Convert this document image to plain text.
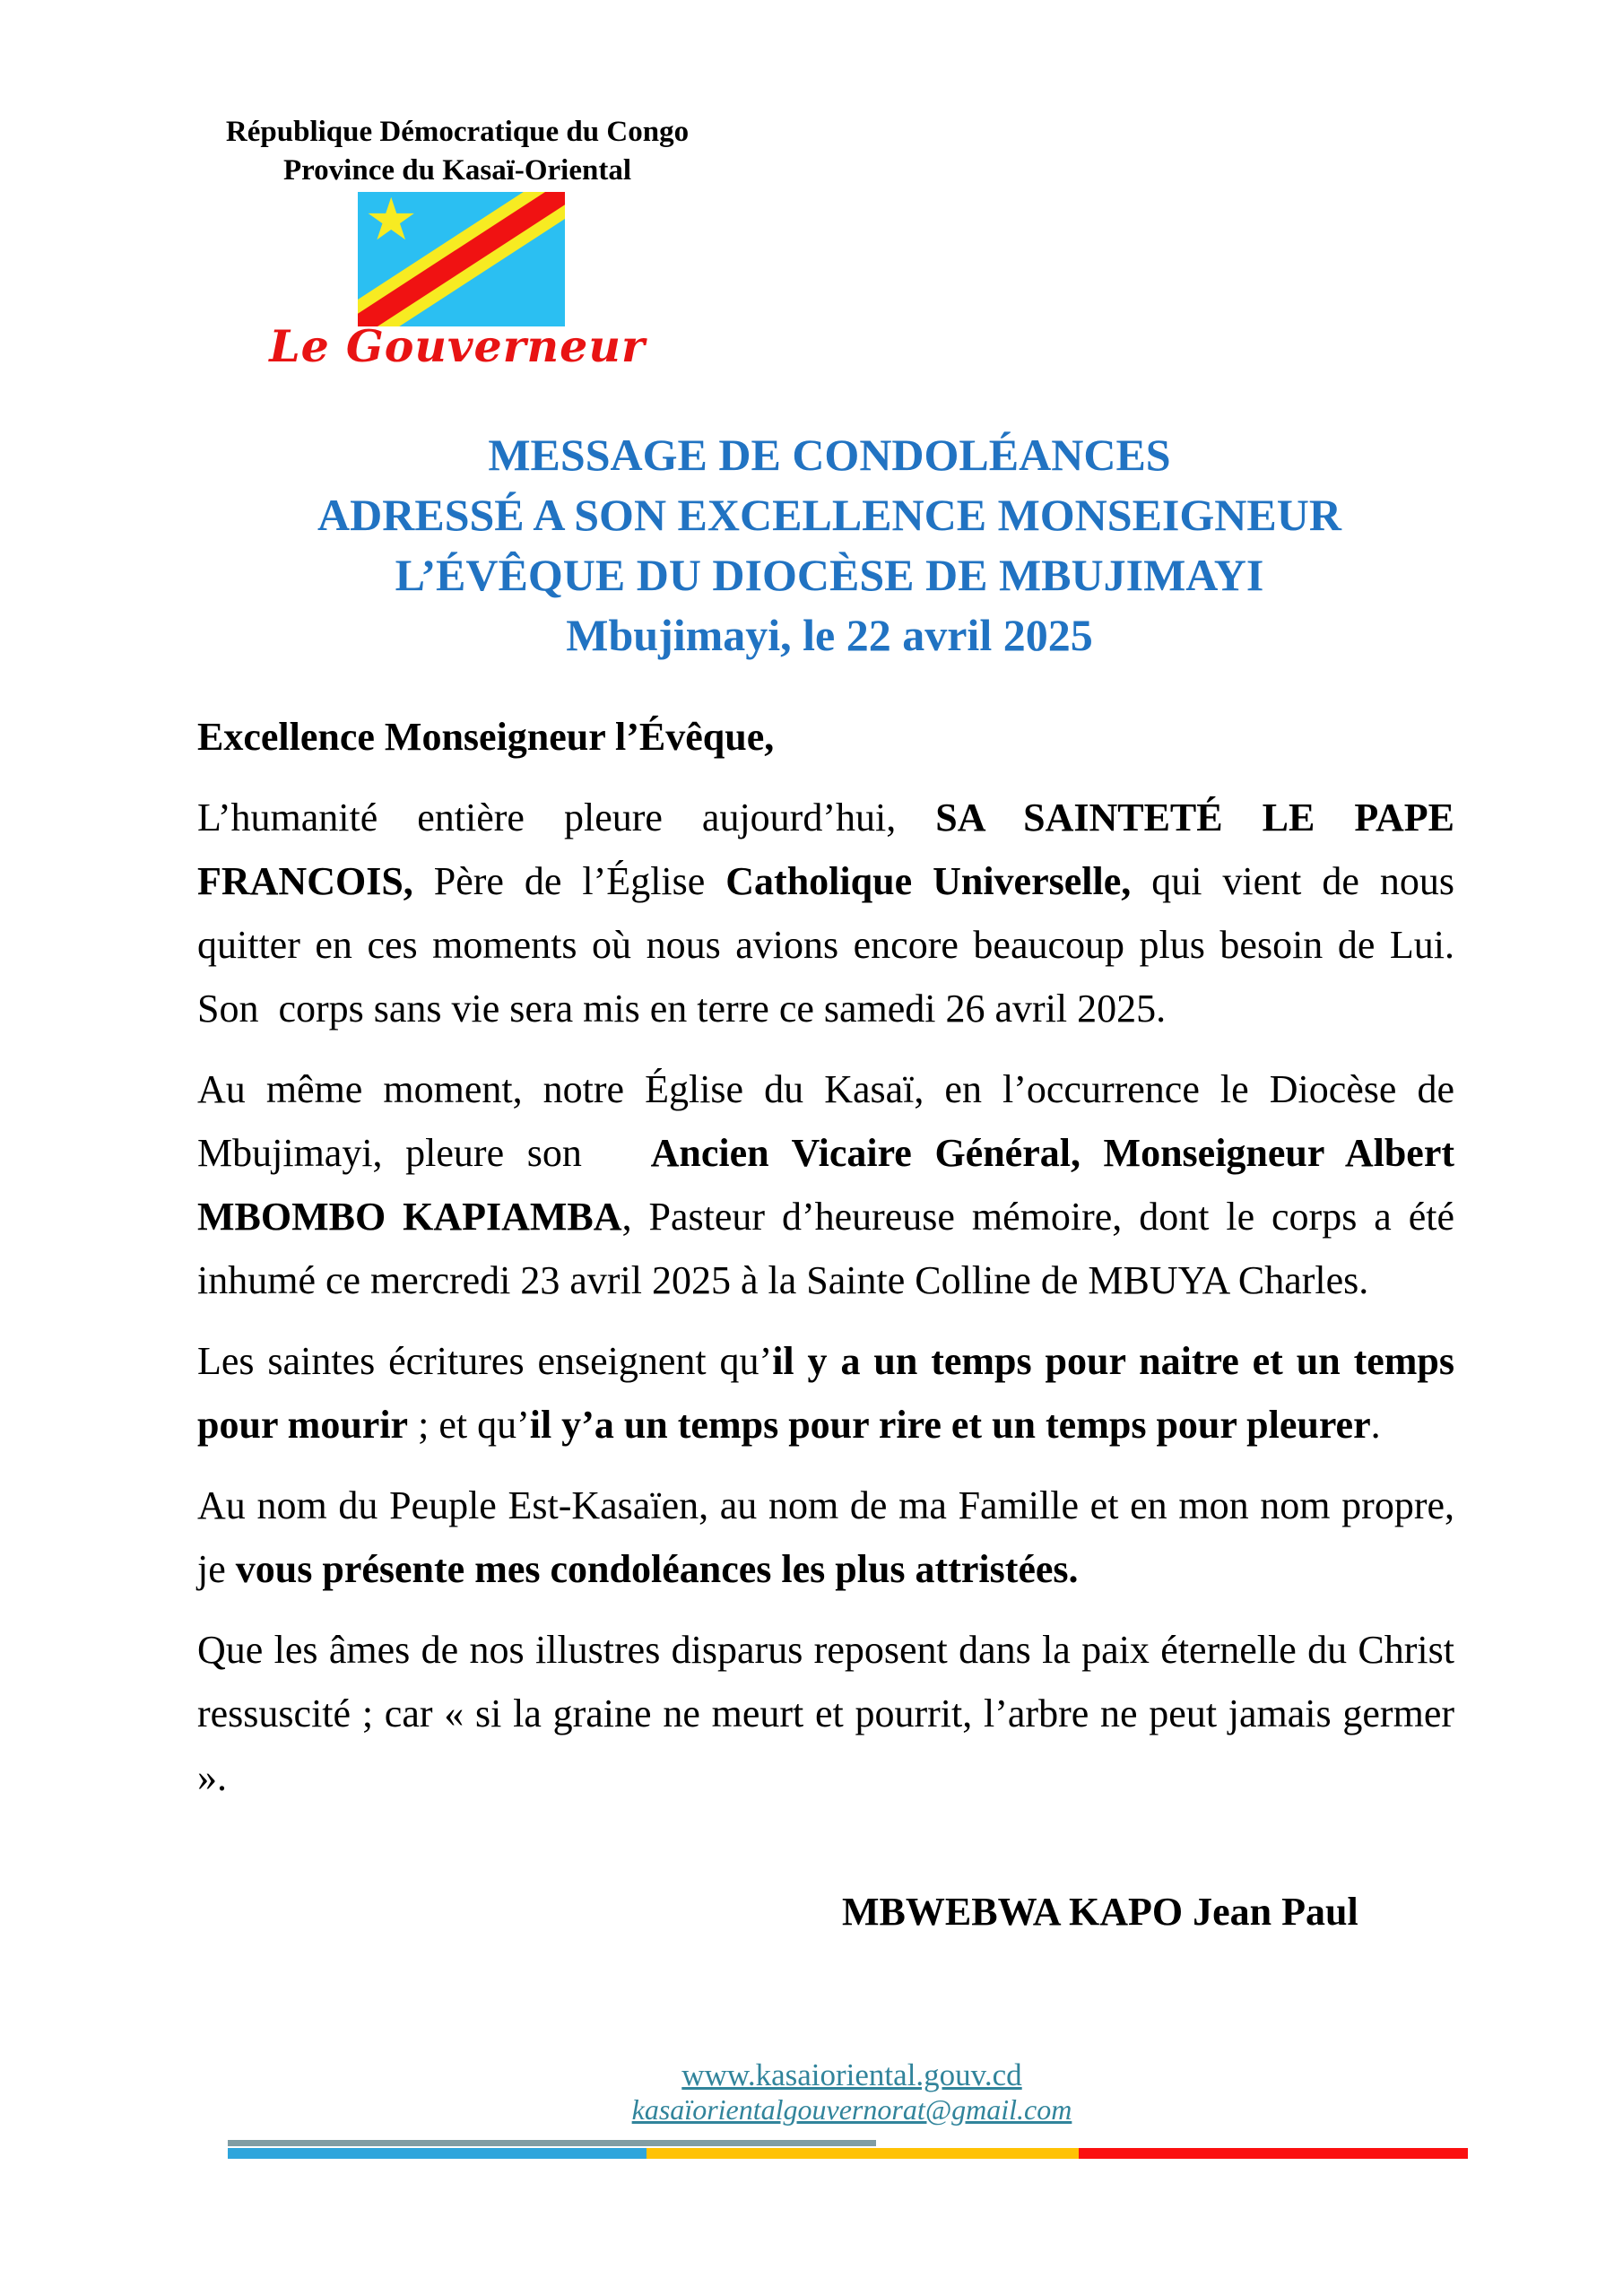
République Démocratique du Congo
Province du Kasaï-Oriental
Le Gouverneur
MESSAGE DE CONDOLÉANCES
ADRESSÉ A SON EXCELLENCE MONSEIGNEUR
L’ÉVÊQUE DU DIOCÈSE DE MBUJIMAYI
Mbujimayi, le 22 avril 2025

Excellence Monseigneur l’Évêque,

L’humanité entière pleure aujourd’hui, SA SAINTETÉ LE PAPE FRANCOIS, Père de l’Église Catholique Universelle, qui vient de nous quitter en ces moments où nous avions encore beaucoup plus besoin de Lui. Son  corps sans vie sera mis en terre ce samedi 26 avril 2025.

Au même moment, notre Église du Kasaï, en l’occurrence le Diocèse de Mbujimayi, pleure son   Ancien Vicaire Général, Monseigneur Albert MBOMBO KAPIAMBA, Pasteur d’heureuse mémoire, dont le corps a été inhumé ce mercredi 23 avril 2025 à la Sainte Colline de MBUYA Charles.

Les saintes écritures enseignent qu’il y a un temps pour naitre et un temps pour mourir ; et qu’il y’a un temps pour rire et un temps pour pleurer.

Au nom du Peuple Est-Kasaïen, au nom de ma Famille et en mon nom propre, je vous présente mes condoléances les plus attristées.

Que les âmes de nos illustres disparus reposent dans la paix éternelle du Christ ressuscité ; car « si la graine ne meurt et pourrit, l’arbre ne peut jamais germer ».

MBWEBWA KAPO Jean Paul
www.kasaioriental.gouv.cd
kasaïorientalgouvernorat@gmail.com
